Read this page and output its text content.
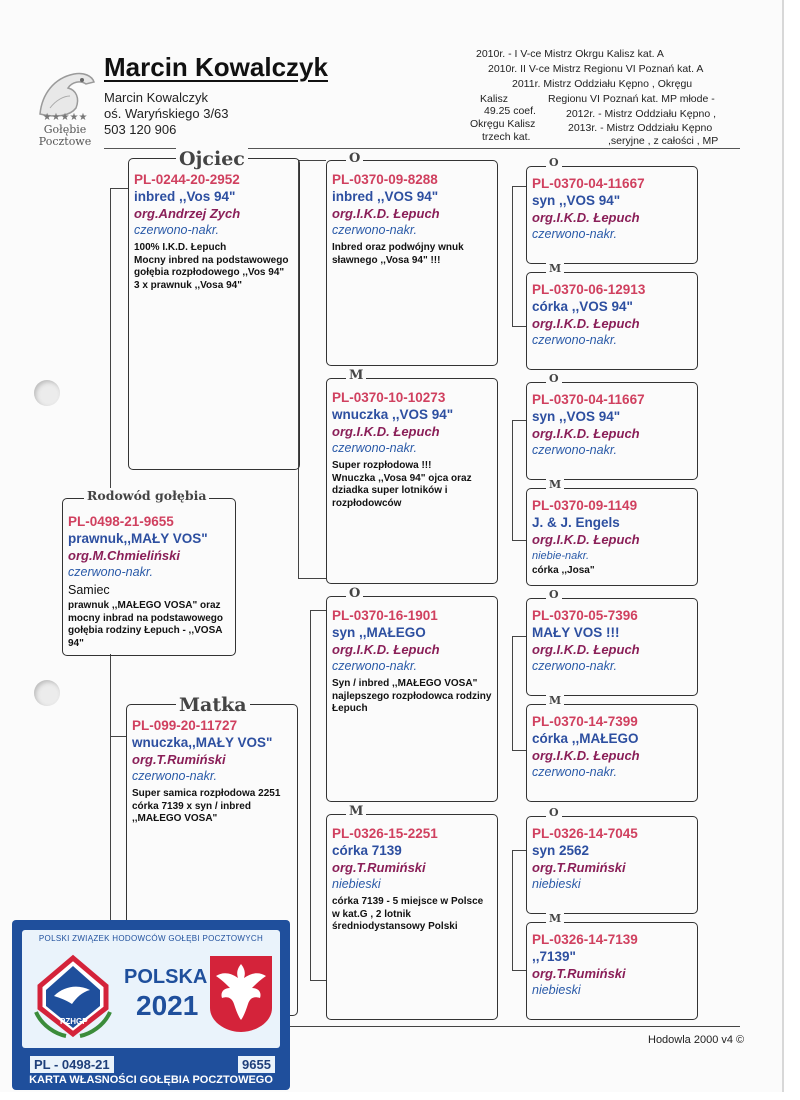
★★★★★
Gołębie
Pocztowe
Marcin Kowalczyk
Marcin Kowalczyk
oś. Waryńskiego 3/63
503 120 906
2010r. - I V-ce Mistrz Okrgu Kalisz kat. A
2010r. II V-ce Mistrz Regionu VI Poznań kat. A
2011r. Mistrz Oddziału Kępno , Okręgu
Kalisz	Regionu VI Poznań kat. MP młode -
49.25 coef.	2012r. - Mistrz Oddziału Kępno ,
Okręgu Kalisz	2013r. - Mistrz Oddziału Kępno
trzech kat.	,seryjne , z całości , MP
PL-0498-21-9655
prawnuk,,MAŁY VOS"
org.M.Chmieliński
czerwono-nakr.
Samiec
prawnuk ,,MAŁEGO VOSA" oraz mocny inbrad na podstawowego gołębia rodziny Łepuch - ,,VOSA 94"
Rodowód gołębia
PL-0244-20-2952
inbred ,,Vos 94"
org.Andrzej Zych
czerwono-nakr.
100% I.K.D. Łepuch
Mocny inbred na podstawowego gołębia rozpłodowego ,,Vos 94"
3 x prawnuk ,,Vosa 94"
Ojciec
PL-099-20-11727
wnuczka,,MAŁY VOS"
org.T.Rumiński
czerwono-nakr.
Super samica rozpłodowa 2251
córka 7139 x syn / inbred ,,MAŁEGO VOSA"
Matka
PL-0370-09-8288
inbred ,,VOS 94"
org.I.K.D. Łepuch
czerwono-nakr.
Inbred oraz podwójny wnuk sławnego ,,Vosa 94" !!!
O
PL-0370-10-10273
wnuczka ,,VOS 94"
org.I.K.D. Łepuch
czerwono-nakr.
Super rozpłodowa !!!
Wnuczka ,,Vosa 94" ojca oraz dziadka super lotników i rozpłodowców
M
PL-0370-16-1901
syn ,,MAŁEGO
org.I.K.D. Łepuch
czerwono-nakr.
Syn / inbred ,,MAŁEGO VOSA"
najlepszego rozpłodowca rodziny Łepuch
O
PL-0326-15-2251
córka 7139
org.T.Rumiński
niebieski
córka 7139 - 5 miejsce w Polsce w kat.G , 2 lotnik średniodystansowy Polski
M
PL-0370-04-11667
syn ,,VOS 94"
org.I.K.D. Łepuch
czerwono-nakr.
O
PL-0370-06-12913
córka ,,VOS 94"
org.I.K.D. Łepuch
czerwono-nakr.
M
PL-0370-04-11667
syn ,,VOS 94"
org.I.K.D. Łepuch
czerwono-nakr.
O
PL-0370-09-1149
J. & J. Engels
org.I.K.D. Łepuch
niebie-nakr.
córka ,,Josa"
M
PL-0370-05-7396
MAŁY VOS !!!
org.I.K.D. Łepuch
czerwono-nakr.
O
PL-0370-14-7399
córka ,,MAŁEGO
org.I.K.D. Łepuch
czerwono-nakr.
M
PL-0326-14-7045
syn 2562
org.T.Rumiński
niebieski
O
PL-0326-14-7139
,,7139"
org.T.Rumiński
niebieski
M
Hodowla 2000 v4 ©
POLSKI ZWIĄZEK HODOWCÓW GOŁĘBI POCZTOWYCH
PZHGP
POLSKA
2021
PL - 0498-21	9655
KARTA WŁASNOŚCI GOŁĘBIA POCZTOWEGO
